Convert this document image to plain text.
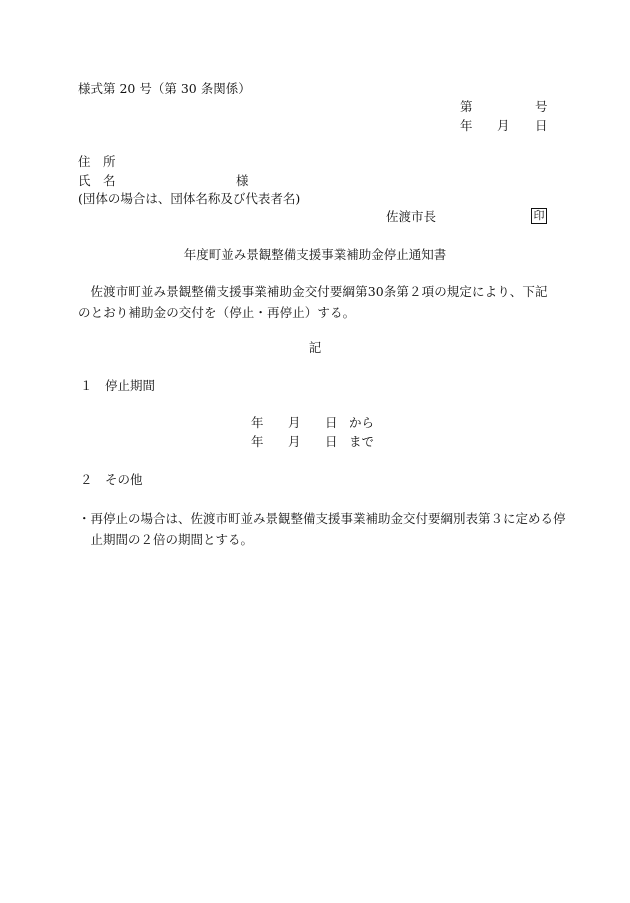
様式第 20 号（第 30 条関係）
第	号
年 月 日
住　所
氏　名	様
(団体の場合は、団体名称及び代表者名)
佐渡市長	印
年度町並み景観整備支援事業補助金停止通知書
佐渡市町並み景観整備支援事業補助金交付要綱第30条第２項の規定により、下記のとおり補助金の交付を（停止・再停止）する。
記
１　停止期間
年 月 日 から
年 月 日 まで
２　その他
・再停止の場合は、佐渡市町並み景観整備支援事業補助金交付要綱別表第３に定める停止期間の２倍の期間とする。
